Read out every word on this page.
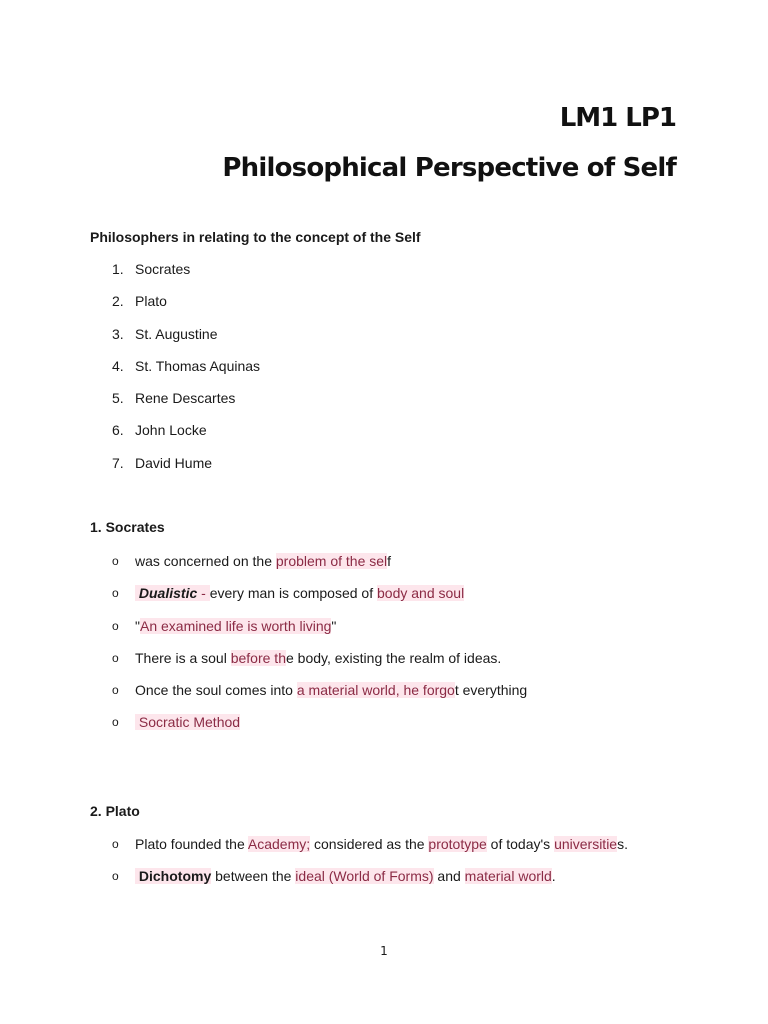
LM1 LP1
Philosophical Perspective of Self
Philosophers in relating to the concept of the Self
1. Socrates
2. Plato
3. St. Augustine
4. St. Thomas Aquinas
5. Rene Descartes
6. John Locke
7. David Hume
1. Socrates
o was concerned on the problem of the self
o Dualistic - every man is composed of body and soul
o "An examined life is worth living"
o There is a soul before the body, existing the realm of ideas.
o Once the soul comes into a material world, he forgot everything
o Socratic Method
2. Plato
o Plato founded the Academy; considered as the prototype of today's universities.
o Dichotomy between the ideal (World of Forms) and material world.
1
